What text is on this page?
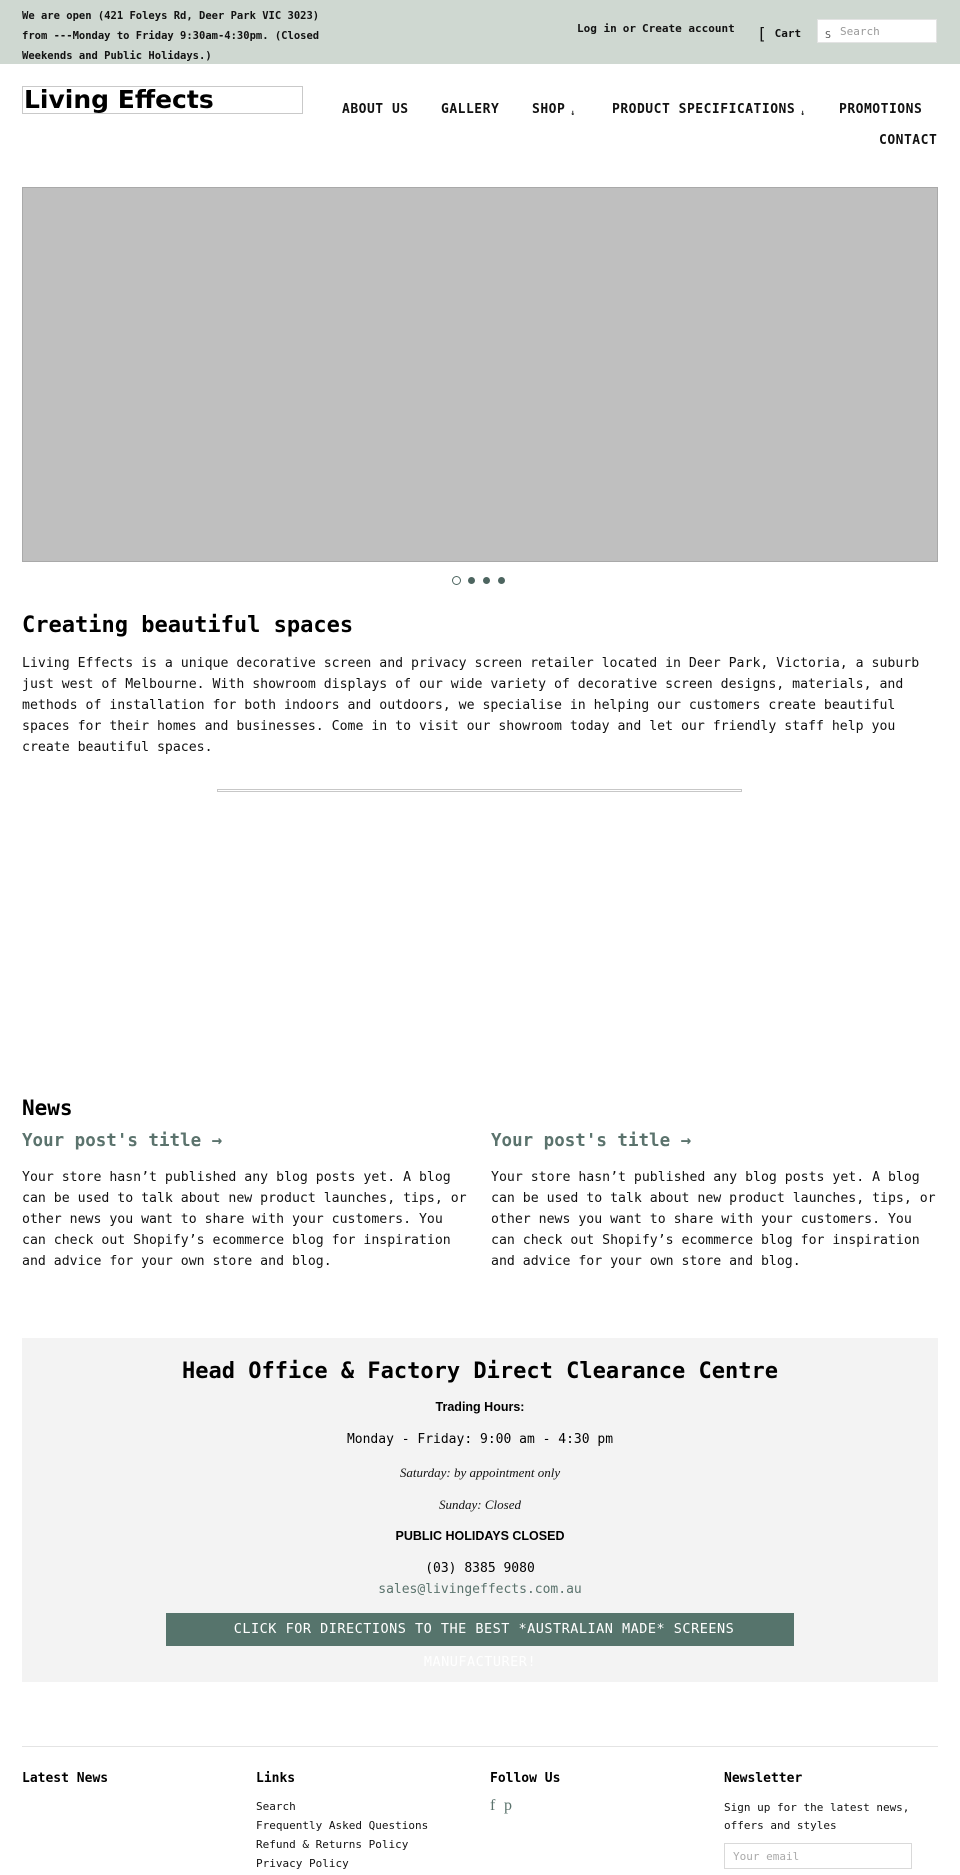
We are open (421 Foleys Rd, Deer Park VIC 3023) from ---Monday to Friday 9:30am-4:30pm. (Closed Weekends and Public Holidays.)
Log in or Create account [ Cart S
Search
Living Effects	ABOUT US GALLERY	SHOP ↓	PRODUCT SPECIFICATIONS ↓	PROMOTIONS
CONTACT
Creating beautiful spaces

Living Effects is a unique decorative screen and privacy screen retailer located in Deer Park, Victoria, a suburb just west of Melbourne. With showroom displays of our wide variety of decorative screen designs, materials, and methods of installation for both indoors and outdoors, we specialise in helping our customers create beautiful spaces for their homes and businesses. Come in to visit our showroom today and let our friendly staff help you create beautiful spaces.

News
Your post's title →

Your store hasn’t published any blog posts yet. A blog can be used to talk about new product launches, tips, or other news you want to share with your customers. You can check out Shopify’s ecommerce blog for inspiration and advice for your own store and blog.

Your post's title →

Your store hasn’t published any blog posts yet. A blog can be used to talk about new product launches, tips, or other news you want to share with your customers. You can check out Shopify’s ecommerce blog for inspiration and advice for your own store and blog.

Head Office & Factory Direct Clearance Centre
Trading Hours:
Monday - Friday: 9:00 am - 4:30 pm
Saturday: by appointment only
Sunday: Closed
PUBLIC HOLIDAYS CLOSED
(03) 8385 9080
sales@livingeffects.com.au
CLICK FOR DIRECTIONS TO THE BEST *AUSTRALIAN MADE* SCREENS MANUFACTURER!
Latest News	Links
Search
Frequently Asked Questions
Refund & Returns Policy
Privacy Policy
Follow Us
f p
Newsletter

Sign up for the latest news, offers and styles

Your email
